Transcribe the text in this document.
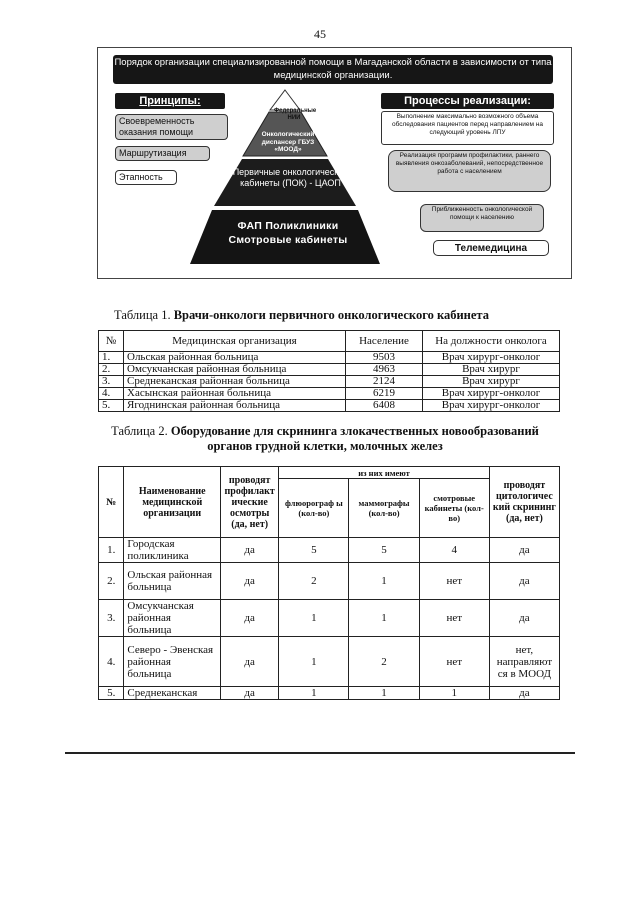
45
Порядок организации специализированной помощи в Магаданской области в зависимости от типа медицинской организации.
Принципы:
Своевременность оказания помощи
Маршрутизация
Этапность
Федеральные НИИ
Онкологический диспансер ГБУЗ «МООД»
Первичные онкологические кабинеты (ПОК) - ЦАОП
ФАП Поликлиники Смотровые кабинеты
Процессы реализации:
Выполнение максимально возможного объема обследования пациентов перед направлением на следующий уровень ЛПУ
Реализация программ профилактики, раннего выявления онкозаболеваний, непосредственное работа с населением
Приближенность онкологической помощи к населению
Телемедицина
Таблица 1. Врачи-онкологи первичного онкологического кабинета
№	Медицинская организация	Население	На должности онколога
1.	Ольская районная больница	9503	Врач хирург-онколог
2.	Омсукчанская районная больница	4963	Врач хирург
3.	Среднеканская районная больница	2124	Врач хирург
4.	Хасынская районная больница	6219	Врач хирург-онколог
5.	Ягоднинская районная больница	6408	Врач хирург-онколог
Таблица 2. Оборудование для скрининга злокачественных новообразований органов грудной клетки, молочных желез
№	Наименование медицинской организации	проводят профилакт ические осмотры (да, нет)	из них имеют			проводят цитологичес кий скрининг (да, нет)
			флюорограф ы (кол-во)	маммографы (кол-во)	смотровые кабинеты (кол-во)	
1.	Городская поликлиника	да	5	5	4	да
2.	Ольская районная больница	да	2	1	нет	да
3.	Омсукчанская районная больница	да	1	1	нет	да
4.	Северо - Эвенская районная больница	да	1	2	нет	нет, направляют ся в МООД
5.	Среднеканская	да	1	1	1	да
